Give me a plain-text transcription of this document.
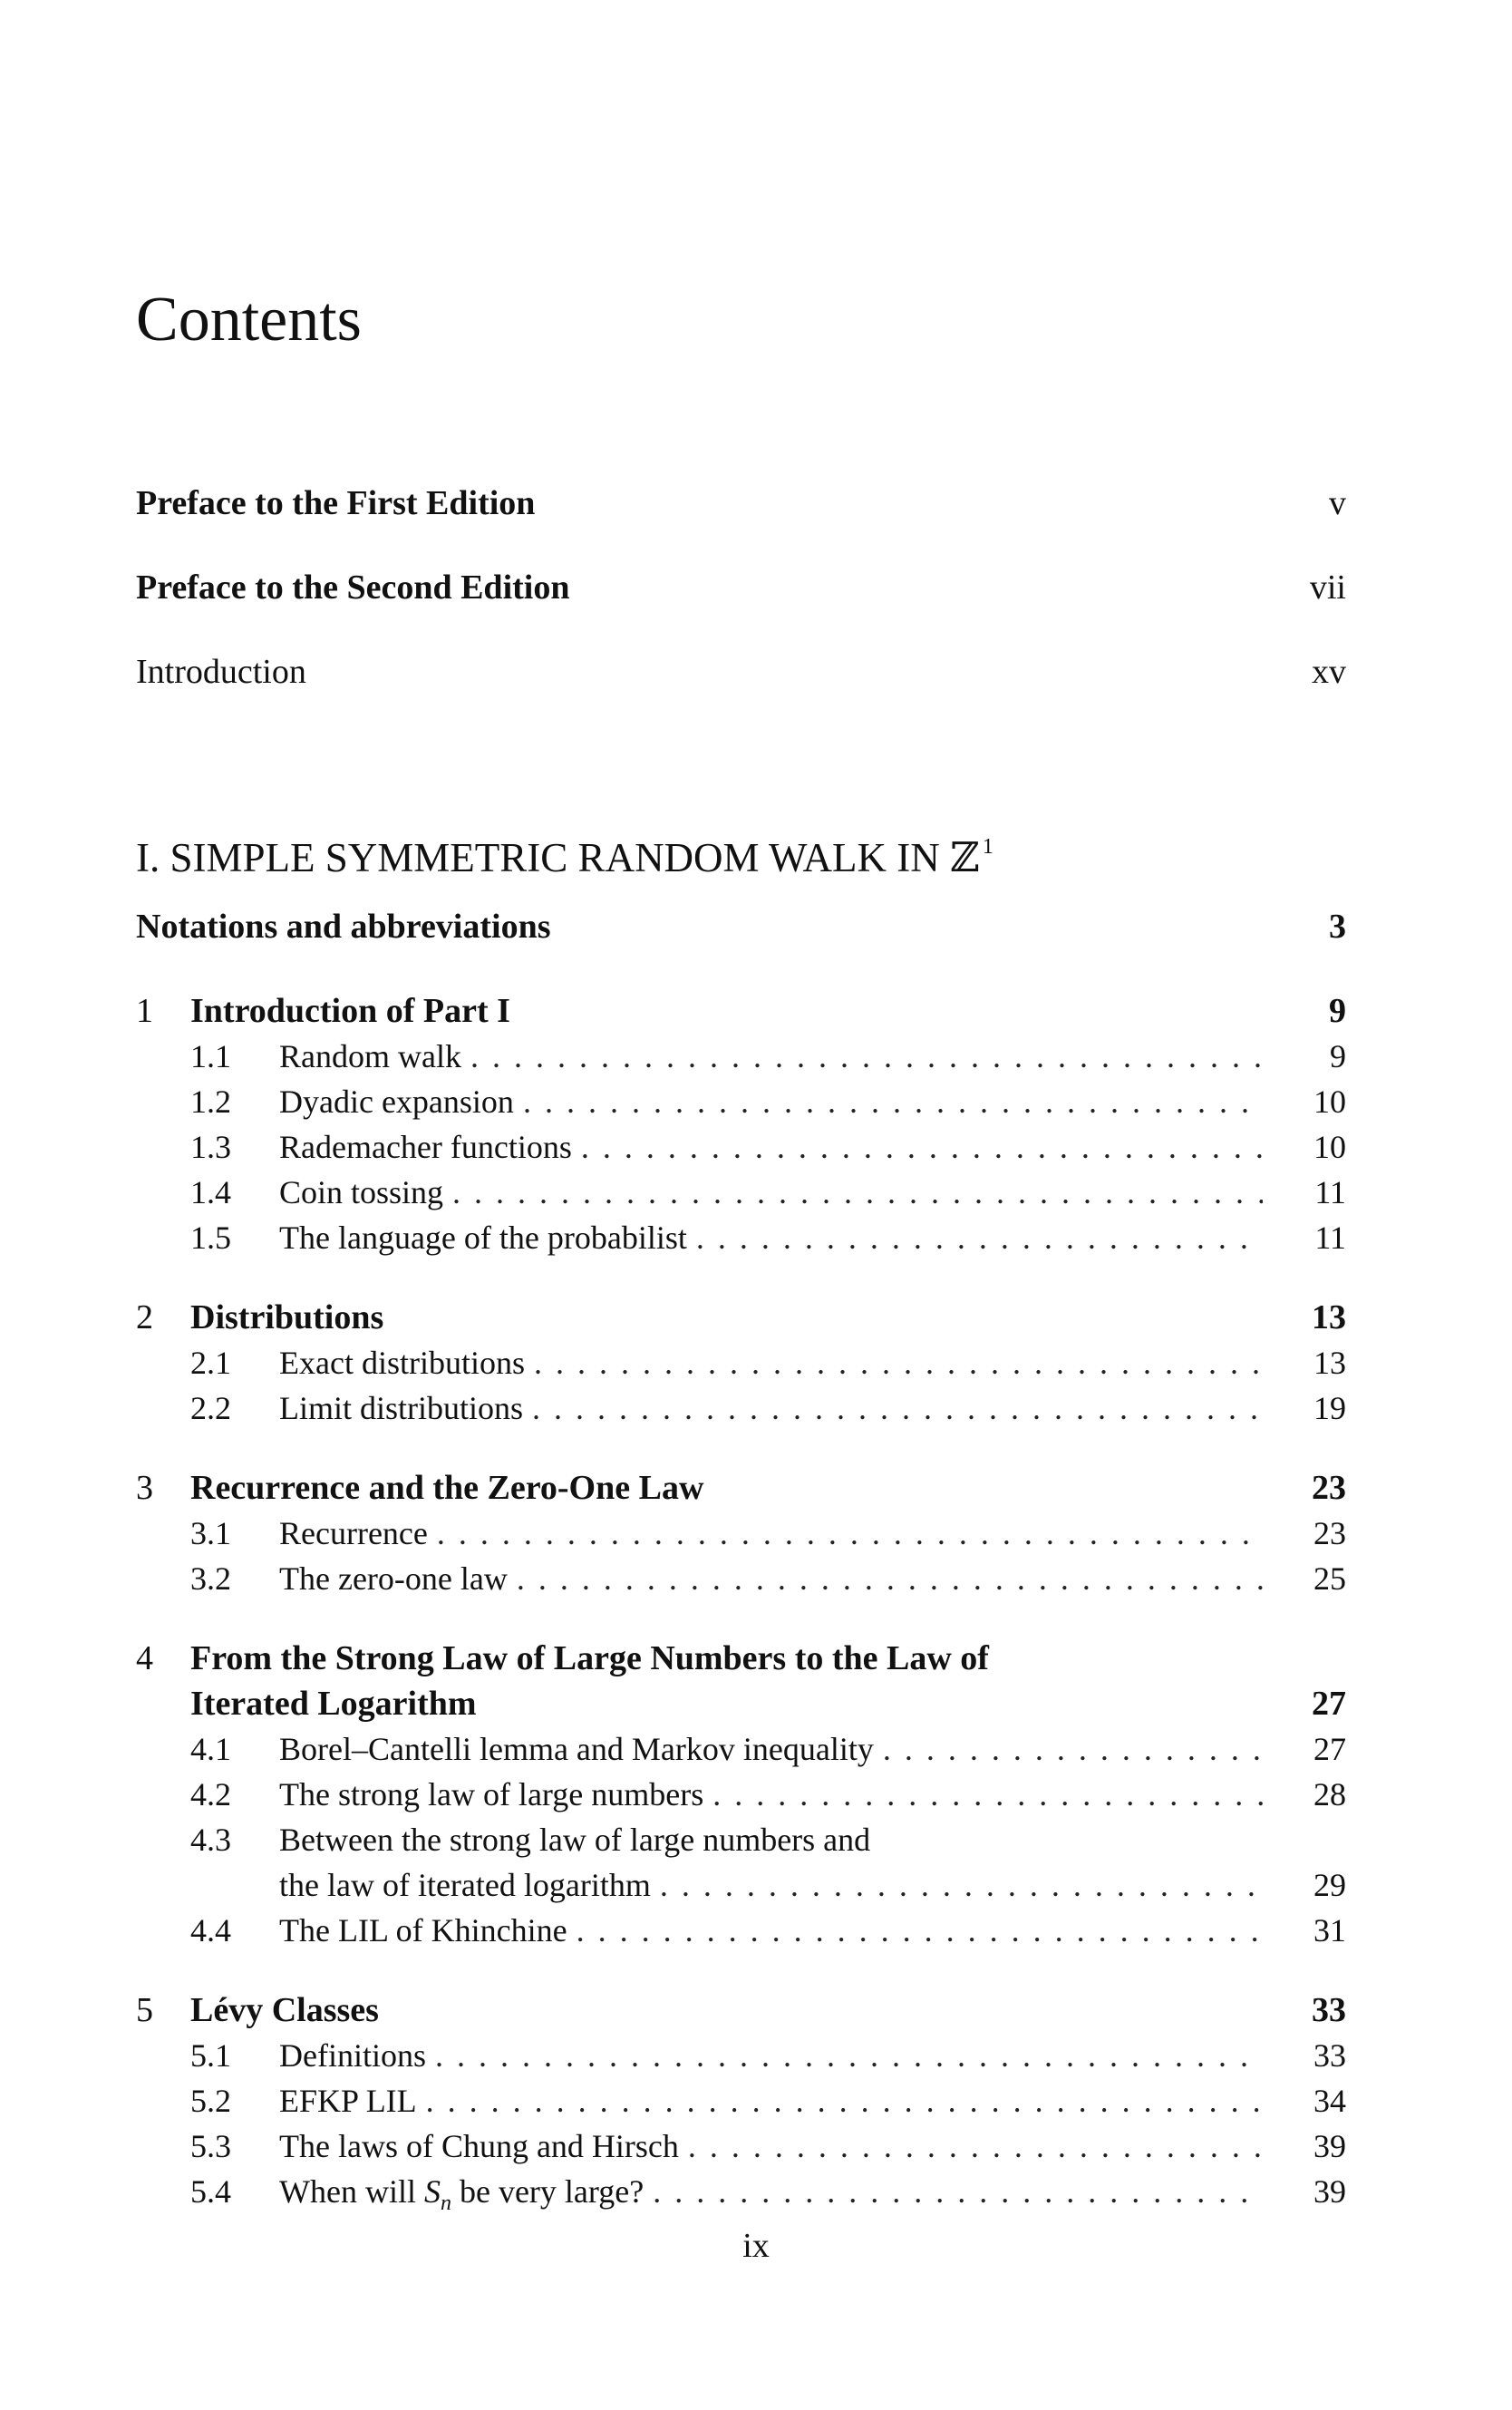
Contents
Preface to the First Edition	v
Preface to the Second Edition	vii
Introduction	xv
I. SIMPLE SYMMETRIC RANDOM WALK IN ℤ $^1$
Notations and abbreviations	3
1	Introduction of Part I	9
1.1	Random walk . . .	9
1.2	Dyadic expansion . . .	10
1.3	Rademacher functions . . .	10
1.4	Coin tossing . . .	11
1.5	The language of the probabilist . . .	11
2	Distributions	13
2.1	Exact distributions . . .	13
2.2	Limit distributions . . .	19
3	Recurrence and the Zero-One Law	23
3.1	Recurrence . . .	23
3.2	The zero-one law . . .	25
4	From the Strong Law of Large Numbers to the Law of
Iterated Logarithm	27
4.1	Borel–Cantelli lemma and Markov inequality . . .	27
4.2	The strong law of large numbers . . .	28
4.3	Between the strong law of large numbers and
the law of iterated logarithm . . .	29
4.4	The LIL of Khinchine . . .	31
5	Lévy Classes	33
5.1	Definitions . . .	33
5.2	EFKP LIL . . .	34
5.3	The laws of Chung and Hirsch . . .	39
5.4	When will $S_n$ be very large? . . .	39
ix
